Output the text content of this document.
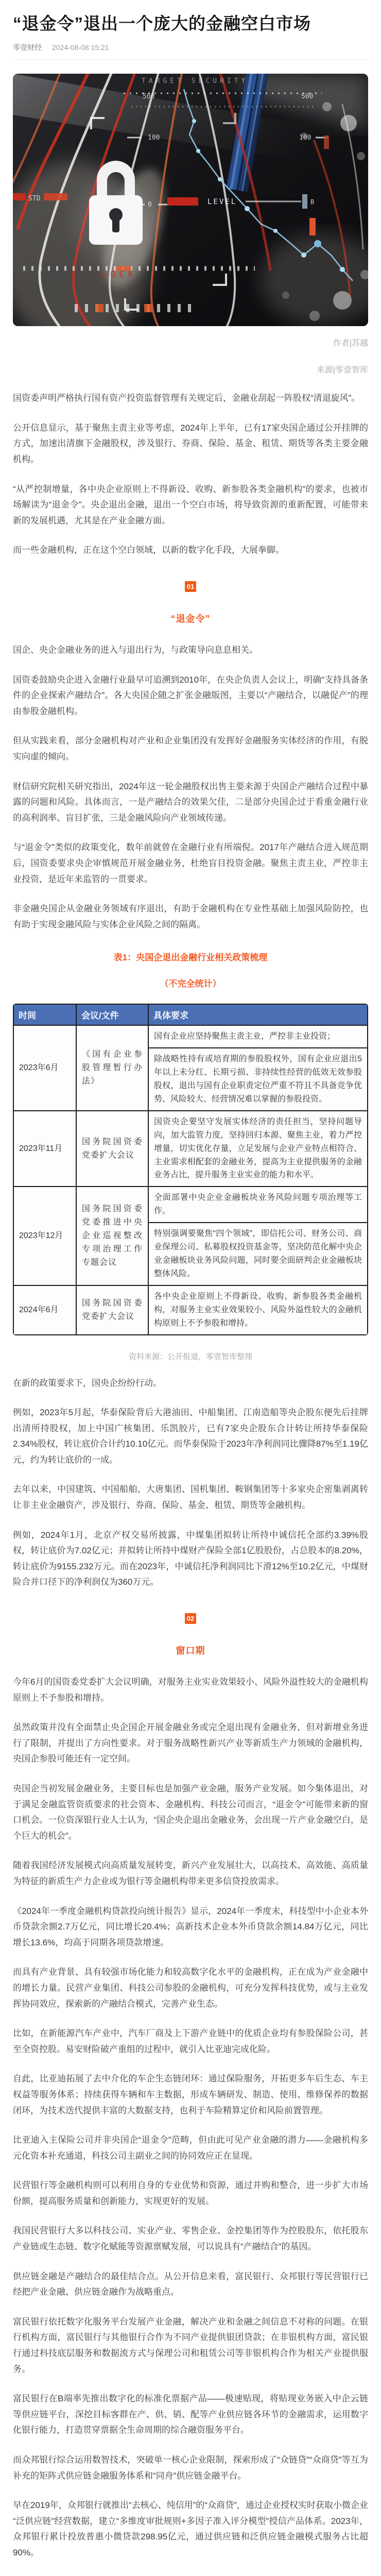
“退金令”退出一个庞大的金融空白市场
零壹财经 2024-08-08 15:21
TARGET SECURITY
500	500
100	100
0
STD	LEVEL	B
LOCK
作者|苏越
来源|零壹智库
国资委声明严格执行国有资产投资监督管理有关规定后，金融业刮起一阵股权“清退旋风”。
公开信息显示，基于聚焦主责主业等考虑，2024年上半年，已有17家央国企通过公开挂牌的方式，加速出清旗下金融股权，涉及银行、券商、保险、基金、租赁、期货等各类主要金融机构。
“从严控制增量，各中央企业原则上不得新设、收购、新参股各类金融机构”的要求，也被市场解读为“退金令”。央企退出金融，退出一个空白市场，将导致资源的重新配置，可能带来新的发展机遇，尤其是在产业金融方面。
而一些金融机构，正在这个空白领域，以新的数字化手段，大展拳脚。
01
“退金令”
国企、央企金融业务的进入与退出行为，与政策导向息息相关。
国资委鼓励央企进入金融行业最早可追溯到2010年，在央企负责人会议上，明确“支持具备条件的企业探索产融结合”。各大央国企随之扩张金融版图，主要以“产融结合，以融促产”的理由参股金融机构。
但从实践来看，部分金融机构对产业和企业集团没有发挥好金融服务实体经济的作用，有脱实向虚的倾向。
财信研究院相关研究指出，2024年这一轮金融股权出售主要来源于央国企产融结合过程中暴露的问题和风险。具体而言，一是产融结合的效果欠佳，二是部分央国企过于看重金融行业的高利润率、盲目扩张，三是金融风险向产业领域传递。
与“退金令”类似的政策变化，数年前就曾在金融行业有所端倪。2017年产融结合进入规范期后，国资委要求央企审慎规范开展金融业务，杜绝盲目投资金融。聚焦主责主业，严控非主业投资，是近年来监管的一贯要求。
非金融央国企从金融业务领域有序退出，有助于金融机构在专业性基础上加强风险防控，也有助于实现金融风险与实体企业风险之间的隔离。
表1：央国企退出金融行业相关政策梳理
（不完全统计）
时间	会议/文件	具体要求
2023年6月	《国有企业参股管理暂行办法》	国有企业应坚持聚焦主责主业，严控非主业投资；
		除战略性持有或培育期的参股股权外，国有企业应退出5年以上未分红、长期亏损、非持续性经营的低效无效参股股权，退出与国有企业职责定位严重不符且不具备竞争优势、风险较大、经营情况难以掌握的参股投资。
2023年11月	国务院国资委党委扩大会议	国资央企要坚守发展实体经济的责任担当，坚持问题导向，加大监管力度，坚持回归本源、聚焦主业，着力严控增量，切实优化存量，立足发展与企业产业特点相符合、主业需求相配套的金融业务，提高为主业提供服务的金融业务占比，提升服务主业实业的能力和水平。
2023年12月	国务院国资委党委推进中央企业巡视整改专项治理工作专题会议	全面部署中央企业金融板块业务风险问题专项治理等工作。
		特别强调要聚焦“四个领域”，即信托公司、财务公司、商业保理公司、私募股权投资基金等，坚决防范化解中央企业金融板块业务风险问题，同时要全面研判企业金融板块整体风险。
2024年6月	国务院国资委党委扩大会议	各中央企业原则上不得新设、收购、新参股各类金融机构，对服务主业实业效果较小、风险外溢性较大的金融机构原则上不予参股和增持。
资料来源：公开报道，零壹智库整理
在新的政策要求下，国央企纷纷行动。
例如，2023年5月起，华泰保险背后大港油田、中船集团、江南造船等央企股东便先后挂牌出清所持股权，加上中国广核集团、乐凯胶片，已有7家央企股东合计转让所持华泰保险2.34%股权，转让底价合计约10.10亿元。而华泰保险于2023年净利润同比骤降87%至1.19亿元，约为转让底价的一成。
去年以来，中国建筑、中国船舶、大唐集团、国机集团、鞍钢集团等十多家央企密集剥离转让非主业金融资产，涉及银行、券商、保险、基金、租赁、期货等金融机构。
例如，2024年1月，北京产权交易所披露，中煤集团拟转让所持中诚信托全部约3.39%股权，转让底价为7.02亿元；并拟转让所持中煤财产保险全部1亿股股份，占总股本的8.20%，转让底价为9155.232万元。而在2023年，中诚信托净利润同比下滑12%至10.2亿元，中煤财险合并口径下的净利润仅为360万元。
02
窗口期
今年6月的国资委党委扩大会议明确，对服务主业实业效果较小、风险外溢性较大的金融机构原则上不予参股和增持。
虽然政策并没有全面禁止央企国企开展金融业务或完全退出现有金融业务，但对新增业务进行了限制，并提出了方向性要求。对于服务战略性新兴产业等新质生产力领域的金融机构，央国企参股可能还有一定空间。
央国企当初发展金融业务，主要目标也是加强产业金融，服务产业发展。如今集体退出，对于满足金融监管资质要求的社会资本、金融机构、科技公司而言，“退金令”可能带来新的窗口机会。一位资深银行业人士认为，“国企央企退出金融业务，会出现一片产业金融空白，是个巨大的机会”。
随着我国经济发展模式向高质量发展转变，新兴产业发展壮大，以高技术、高效能、高质量为特征的新质生产力企业或为银行等金融机构带来更多信贷投放需求。
《2024年一季度金融机构贷款投向统计报告》显示，2024年一季度末，科技型中小企业本外币贷款余额2.7万亿元，同比增长20.4%；高新技术企业本外币贷款余额14.84万亿元，同比增长13.6%，均高于同期各项贷款增速。
而具有产业背景、具有较强市场化能力和较高数字化水平的金融机构，正在成为产业金融中的增长力量。民营产业集团、科技公司参股的金融机构，可充分发挥科技优势，或与主业发挥协同效应，探索新的产融结合模式，完善产业生态。
比如，在新能源汽车产业中，汽车厂商及上下游产业链中的优质企业均有参股保险公司，甚至全资控股。易安财险破产重组的过程中，就引入比亚迪完成化险。
自此，比亚迪拓展了去中介化的车企生态链闭环：通过保险服务，开拓更多车后生态、车主权益等服务体系；持续获得车辆和车主数据，形成车辆研发、制造、使用、维修保养的数据闭环，为技术迭代提供丰富的大数据支持，也利于车险精算定价和风险前置管理。
比亚迪入主保险公司并非央国企“退金令”范畴，但由此可见产业金融的潜力——金融机构多元化资本补充通道，科技公司主副业之间的协同效应正在显现。
民营银行等金融机构则可以利用自身的专业优势和资源，通过并购和整合，进一步扩大市场份额，提高服务质量和创新能力，实现更好的发展。
我国民营银行大多以科技公司、实业产业、零售企业、金控集团等作为控股股东，依托股东产业链或生态链、数字化赋能等资源禀赋发展，可以说具有“产融结合”的基因。
供应链金融是产融结合的最佳结合点。从公开信息来看，富民银行、众邦银行等民营银行已经把产业金融、供应链金融作为战略重点。
富民银行依托数字化服务平台发展产业金融，解决产业和金融之间信息不对称的问题。在银行机构方面，富民银行与其他银行合作为不同产业提供银团贷款；在非银机构方面，富民银行通过科技底层服务和数据流方式与保理公司和租赁公司等非银机构合作为相关产业提供服务。
富民银行在B端率先推出数字化的标准化票据产品——极速贴现，将贴现业务嵌入中企云链等供应链平台，深挖目标客群在产、供、销、配等产业供应链各环节的金融需求，运用数字化银行能力，打造贯穿票据全生命周期的综合融资服务平台。
而众邦银行综合运用数智技术，突破单一核心企业限制，探索形成了“众链贷”“众商贷”等互为补充的矩阵式供应链金融服务体系和“同舟”供应链金融平台。
早在2019年，众邦银行就推出“去核心、纯信用”的“众商贷”，通过企业授权实时获取小微企业“泛供应链”经营数据，建立“多维度审批规则+多因子准入评分模型”授信产品体系。2023年，众邦银行累计投放普惠小微贷款298.95亿元，通过供应链和泛供应链金融模式服务占比超90%。
